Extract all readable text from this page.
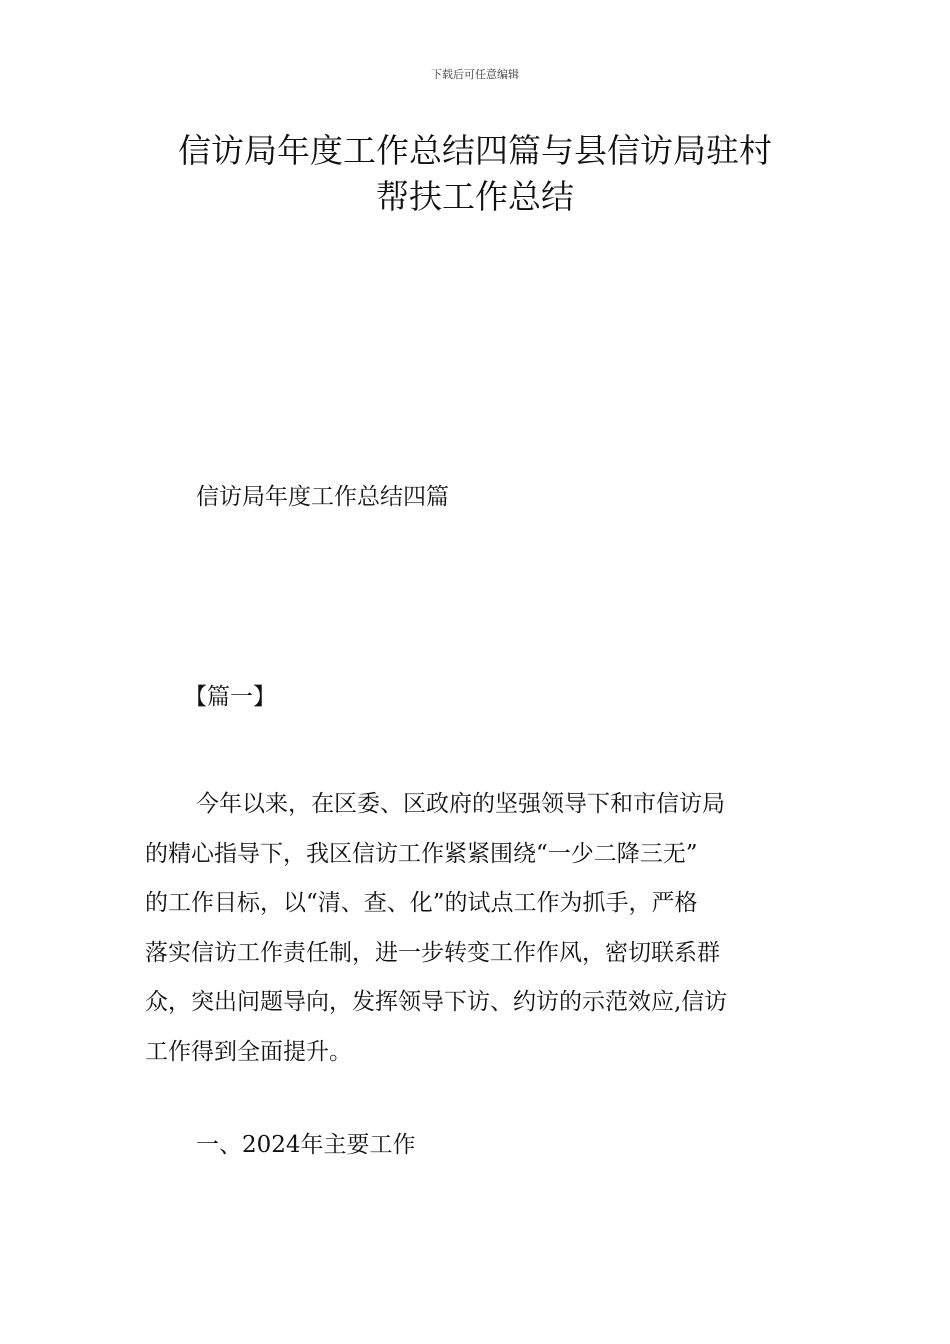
下载后可任意编辑
信访局年度工作总结四篇与县信访局驻村
帮扶工作总结
信访局年度工作总结四篇
【篇一】
今年以来，在区委、区政府的坚强领导下和市信访局
的精心指导下，我区信访工作紧紧围绕“一少二降三无”
的工作目标，以“清、查、化”的试点工作为抓手，严格
落实信访工作责任制，进一步转变工作作风，密切联系群
众，突出问题导向，发挥领导下访、约访的示范效应,信访
工作得到全面提升。
一、2024年主要工作
